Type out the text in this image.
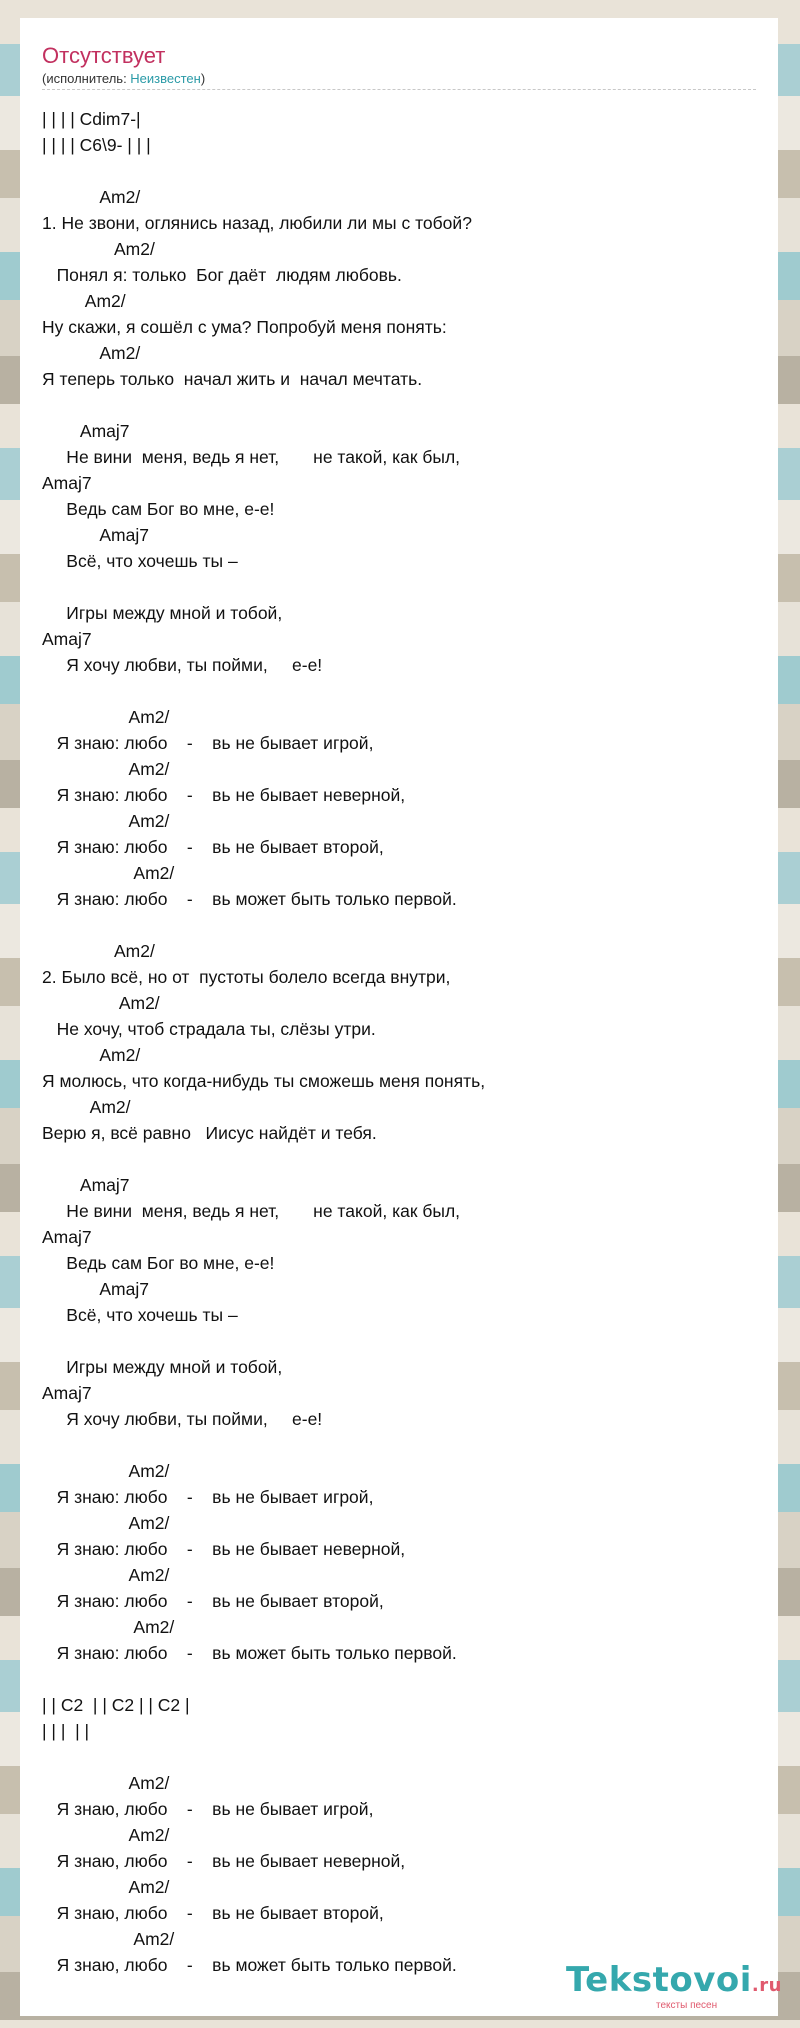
Отсутствует
(исполнитель: Неизвестен)
| | | | Cdim7-|
| | | | C6\9- | | |
Am2/
1. Не звони, оглянись назад, любили ли мы с тобой?
Am2/
Понял я: только  Бог даёт  людям любовь.
Am2/
Ну скажи, я сошёл с ума? Попробуй меня понять:
Am2/
Я теперь только  начал жить и  начал мечтать.
Amaj7
Не вини  меня, ведь я нет,       не такой, как был,
Amaj7
Ведь сам Бог во мне, е-е!
Amaj7
Всё, что хочешь ты –
Игры между мной и тобой,
Amaj7
Я хочу любви, ты пойми,     е-е!
Am2/
Я знаю: любо    -    вь не бывает игрой,
Am2/
Я знаю: любо    -    вь не бывает неверной,
Am2/
Я знаю: любо    -    вь не бывает второй,
Am2/
Я знаю: любо    -    вь может быть только первой.
Am2/
2. Было всё, но от  пустоты болело всегда внутри,
Am2/
Не хочу, чтоб страдала ты, слёзы утри.
Am2/
Я молюсь, что когда-нибудь ты сможешь меня понять,
Am2/
Верю я, всё равно   Иисус найдёт и тебя.
Amaj7
Не вини  меня, ведь я нет,       не такой, как был,
Amaj7
Ведь сам Бог во мне, е-е!
Amaj7
Всё, что хочешь ты –
Игры между мной и тобой,
Amaj7
Я хочу любви, ты пойми,     е-е!
Am2/
Я знаю: любо    -    вь не бывает игрой,
Am2/
Я знаю: любо    -    вь не бывает неверной,
Am2/
Я знаю: любо    -    вь не бывает второй,
Am2/
Я знаю: любо    -    вь может быть только первой.
| | C2  | | C2 | | C2 |
| | |  | |
Am2/
Я знаю, любо    -    вь не бывает игрой,
Am2/
Я знаю, любо    -    вь не бывает неверной,
Am2/
Я знаю, любо    -    вь не бывает второй,
Am2/
Я знаю, любо    -    вь может быть только первой.	Tekstovoi.ru
тексты песен
